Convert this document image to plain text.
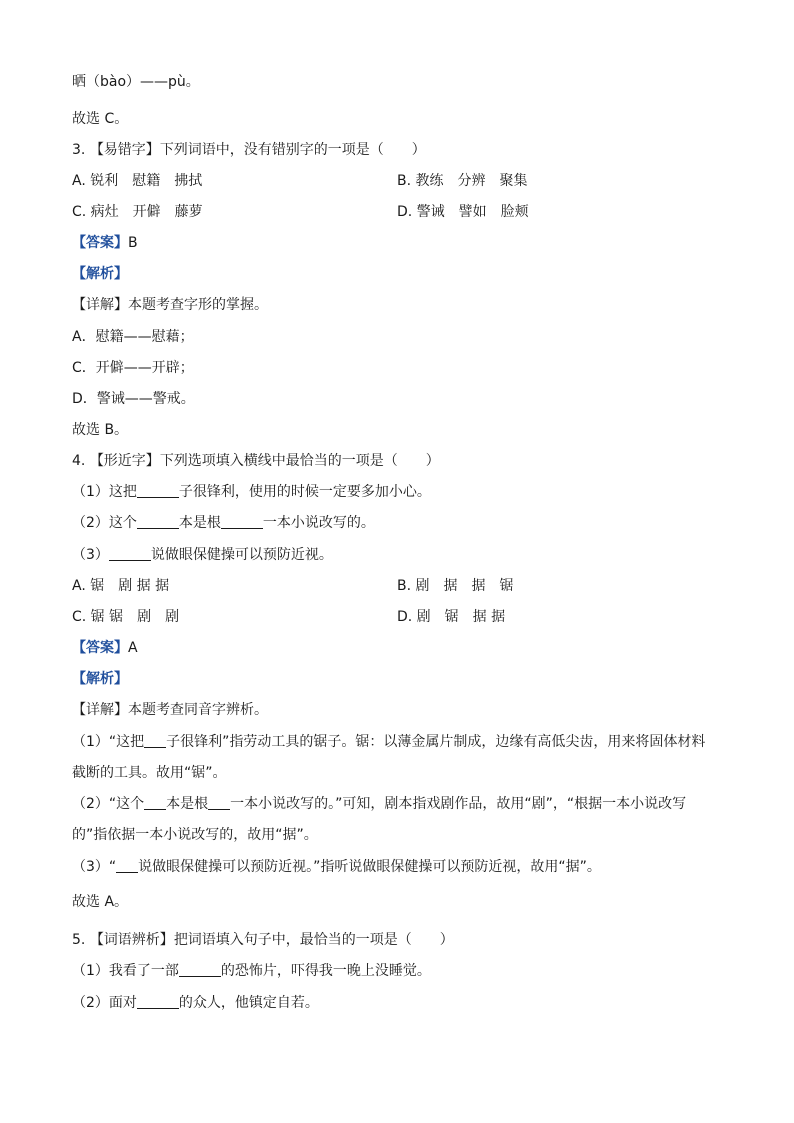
晒（bào）——pù。
故选 C。
3. 【易错字】下列词语中，没有错别字的一项是（　　）
A. 锐利　慰籍　拂拭	B. 教练　分辨　聚集
C. 病灶　开僻　藤萝	D. 警诫　譬如　脸颊
【答案】B
【解析】
【详解】本题考查字形的掌握。
A．慰籍——慰藉；
C．开僻——开辟；
D．警诫——警戒。
故选 B。
4. 【形近字】下列选项填入横线中最恰当的一项是（　　）
（1）这把	子很锋利，使用的时候一定要多加小心。
（2）这个	本是根	一本小说改写的。
（3）	说做眼保健操可以预防近视。
A. 锯　剧 据 据	B. 剧　据　据　锯
C. 锯 锯　剧　剧	D. 剧　锯　据 据
【答案】A
【解析】
【详解】本题考查同音字辨析。
（1）“这把 子很锋利”指劳动工具的锯子。锯：以薄金属片制成，边缘有高低尖齿，用来将固体材料
截断的工具。故用“锯”。
（2）“这个 本是根 一本小说改写的。”可知，剧本指戏剧作品，故用“剧”，“根据一本小说改写
的”指依据一本小说改写的，故用“据”。
（3）“ 说做眼保健操可以预防近视。”指听说做眼保健操可以预防近视，故用“据”。
故选 A。
5. 【词语辨析】把词语填入句子中，最恰当的一项是（　　）
（1）我看了一部	的恐怖片，吓得我一晚上没睡觉。
（2）面对	的众人，他镇定自若。
